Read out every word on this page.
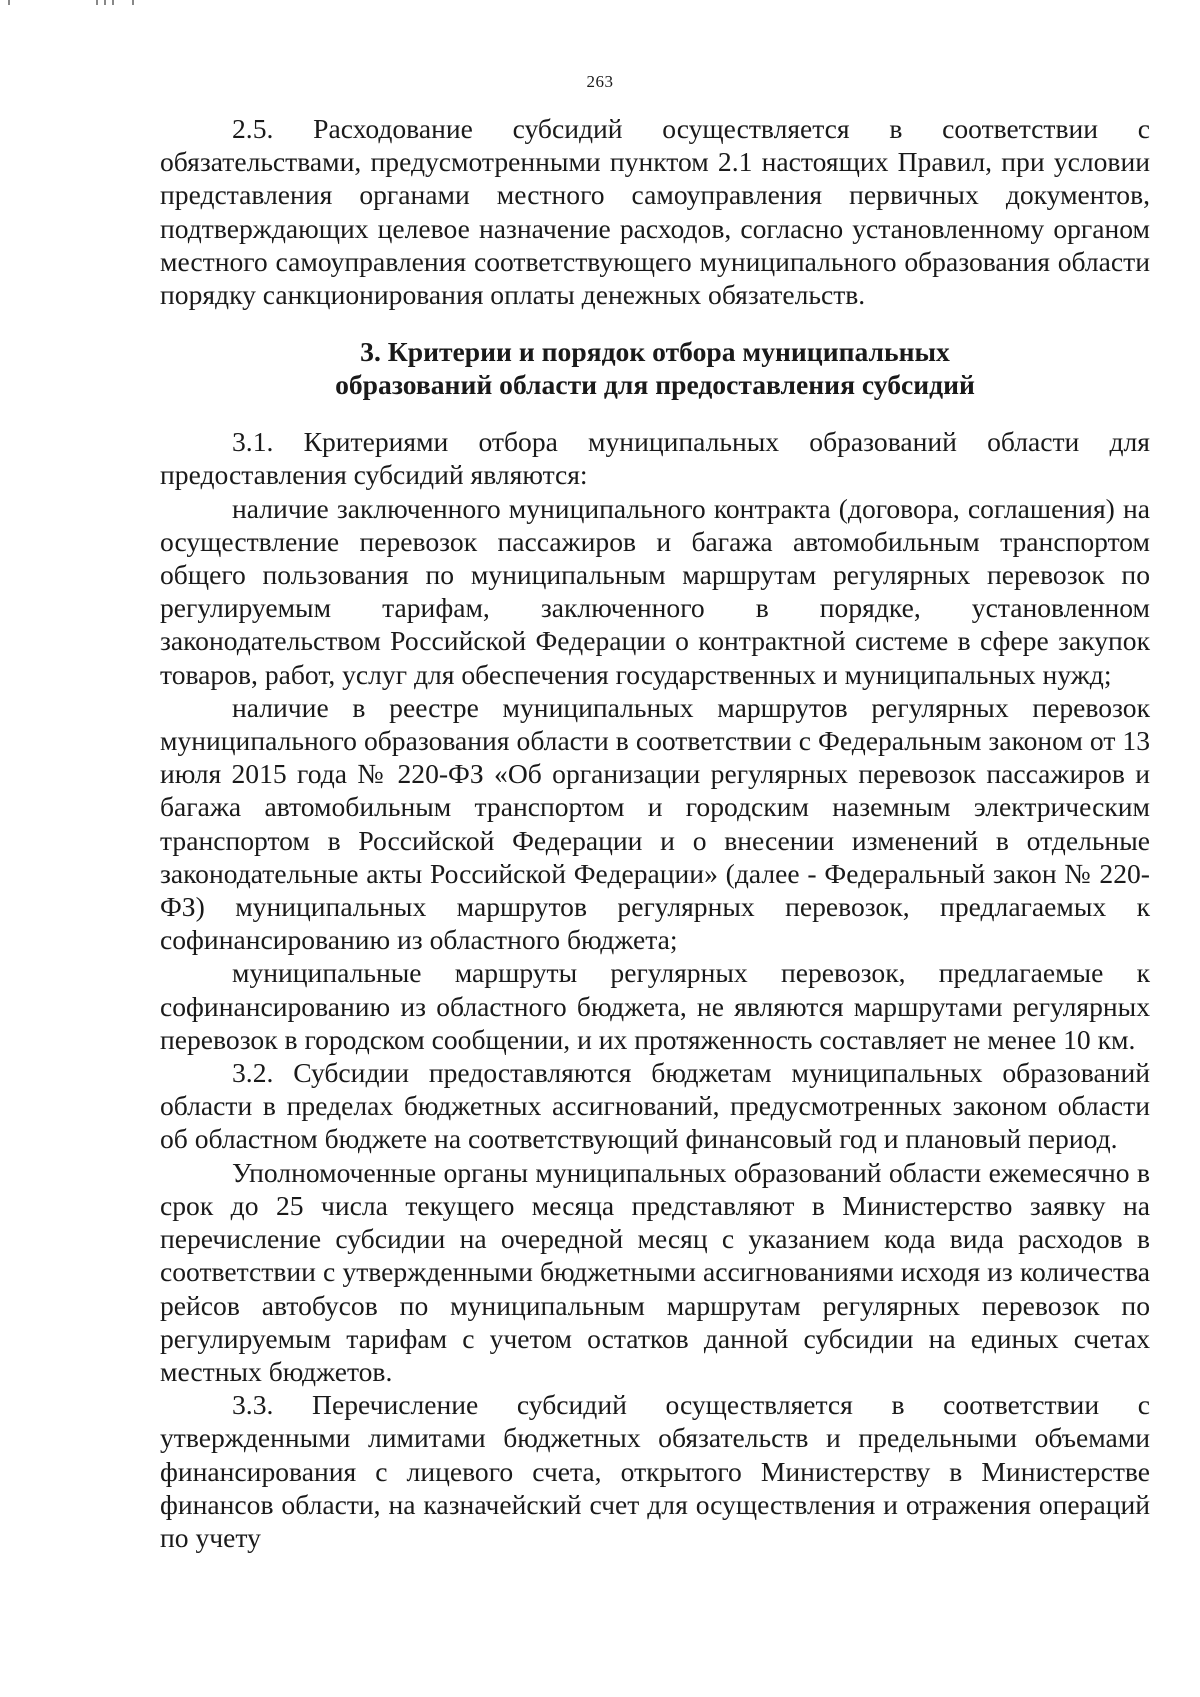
263

2.5. Расходование субсидий осуществляется в соответствии с обязательствами, предусмотренными пунктом 2.1 настоящих Правил, при условии представления органами местного самоуправления первичных документов, подтверждающих целевое назначение расходов, согласно установленному органом местного самоуправления соответствующего муниципального образования области порядку санкционирования оплаты денежных обязательств.

3. Критерии и порядок отбора муниципальных
образований области для предоставления субсидий

3.1. Критериями отбора муниципальных образований области для предоставления субсидий являются:

наличие заключенного муниципального контракта (договора, соглашения) на осуществление перевозок пассажиров и багажа автомобильным транспортом общего пользования по муниципальным маршрутам регулярных перевозок по регулируемым тарифам, заключенного в порядке, установленном законодательством Российской Федерации о контрактной системе в сфере закупок товаров, работ, услуг для обеспечения государственных и муниципальных нужд;

наличие в реестре муниципальных маршрутов регулярных перевозок муниципального образования области в соответствии с Федеральным законом от 13 июля 2015 года № 220-ФЗ «Об организации регулярных перевозок пассажиров и багажа автомобильным транспортом и городским наземным электрическим транспортом в Российской Федерации и о внесении изменений в отдельные законодательные акты Российской Федерации» (далее - Федеральный закон № 220-ФЗ) муниципальных маршрутов регулярных перевозок, предлагаемых к софинансированию из областного бюджета;

муниципальные маршруты регулярных перевозок, предлагаемые к софинансированию из областного бюджета, не являются маршрутами регулярных перевозок в городском сообщении, и их протяженность составляет не менее 10 км.

3.2. Субсидии предоставляются бюджетам муниципальных образований области в пределах бюджетных ассигнований, предусмотренных законом области об областном бюджете на соответствующий финансовый год и плановый период.

Уполномоченные органы муниципальных образований области ежемесячно в срок до 25 числа текущего месяца представляют в Министерство заявку на перечисление субсидии на очередной месяц с указанием кода вида расходов в соответствии с утвержденными бюджетными ассигнованиями исходя из количества рейсов автобусов по муниципальным маршрутам регулярных перевозок по регулируемым тарифам с учетом остатков данной субсидии на единых счетах местных бюджетов.

3.3. Перечисление субсидий осуществляется в соответствии с утвержденными лимитами бюджетных обязательств и предельными объемами финансирования с лицевого счета, открытого Министерству в Министерстве финансов области, на казначейский счет для осуществления и отражения операций по учету
